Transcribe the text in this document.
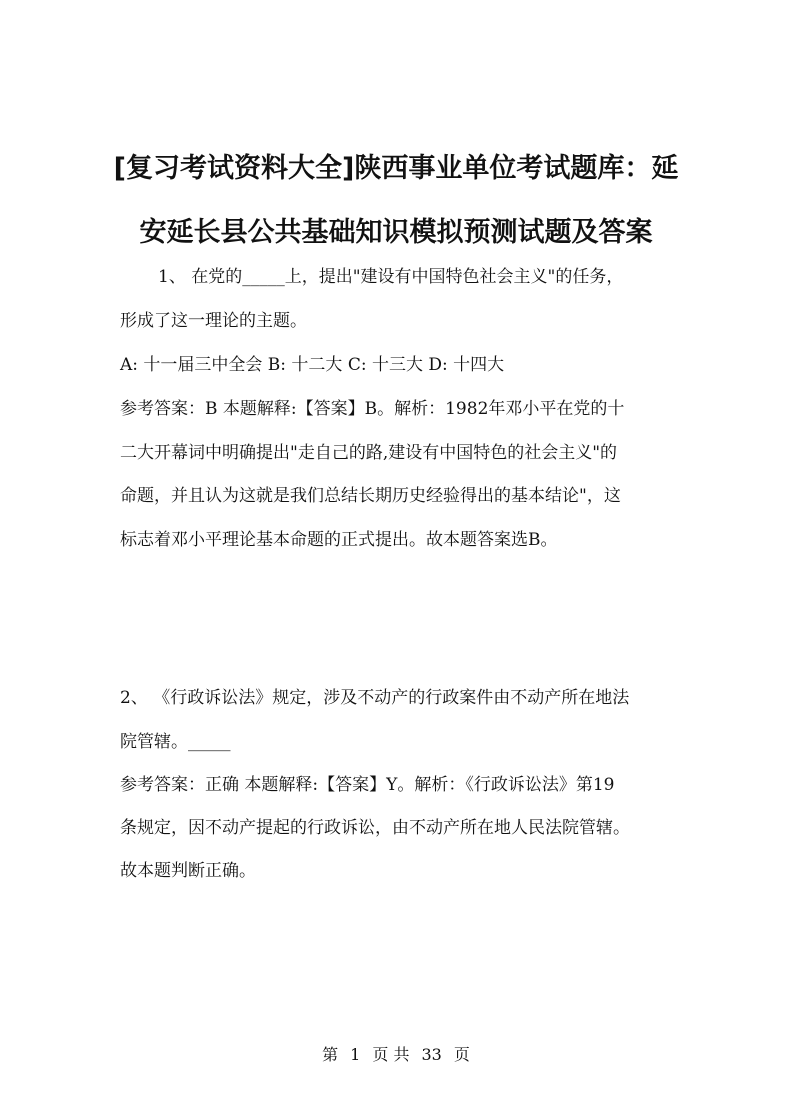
[复习考试资料大全]陕西事业单位考试题库：延
安延长县公共基础知识模拟预测试题及答案
1、 在党的_____上，提出"建设有中国特色社会主义"的任务，
形成了这一理论的主题。
A: 十一届三中全会 B: 十二大 C: 十三大 D: 十四大
参考答案：B 本题解释:【答案】B。解析：1982年邓小平在党的十
二大开幕词中明确提出"走自己的路,建设有中国特色的社会主义"的
命题，并且认为这就是我们总结长期历史经验得出的基本结论"，这
标志着邓小平理论基本命题的正式提出。故本题答案选B。
2、 《行政诉讼法》规定，涉及不动产的行政案件由不动产所在地法
院管辖。_____
参考答案：正确 本题解释:【答案】Y。解析：《行政诉讼法》第19
条规定，因不动产提起的行政诉讼，由不动产所在地人民法院管辖。
故本题判断正确。
第 1 页 共 33 页
